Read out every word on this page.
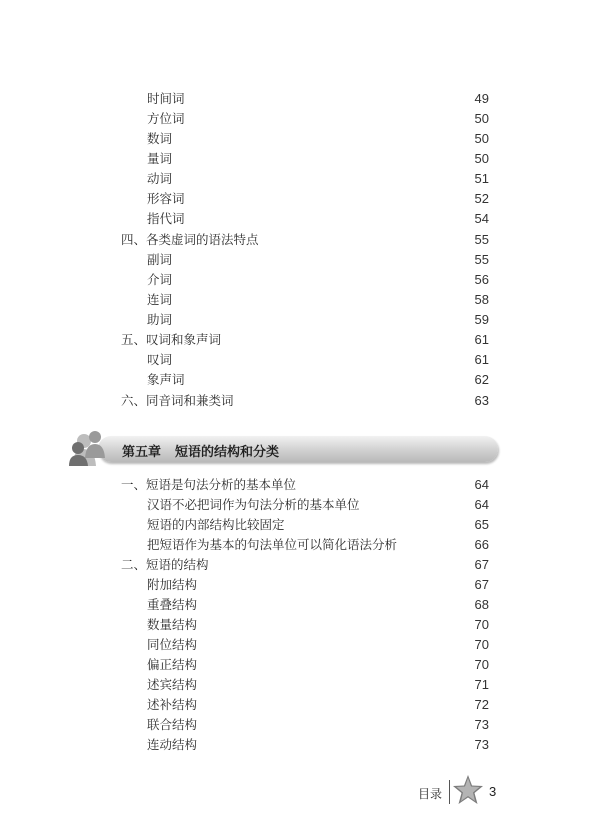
时间词	49
方位词	50
数词	50
量词	50
动词	51
形容词	52
指代词	54
四、各类虚词的语法特点	55
副词	55
介词	56
连词	58
助词	59
五、叹词和象声词	61
叹词	61
象声词	62
六、同音词和兼类词	63
第五章 短语的结构和分类
一、短语是句法分析的基本单位	64
汉语不必把词作为句法分析的基本单位	64
短语的内部结构比较固定	65
把短语作为基本的句法单位可以简化语法分析	66
二、短语的结构	67
附加结构	67
重叠结构	68
数量结构	70
同位结构	70
偏正结构	70
述宾结构	71
述补结构	72
联合结构	73
连动结构	73
目录	3
